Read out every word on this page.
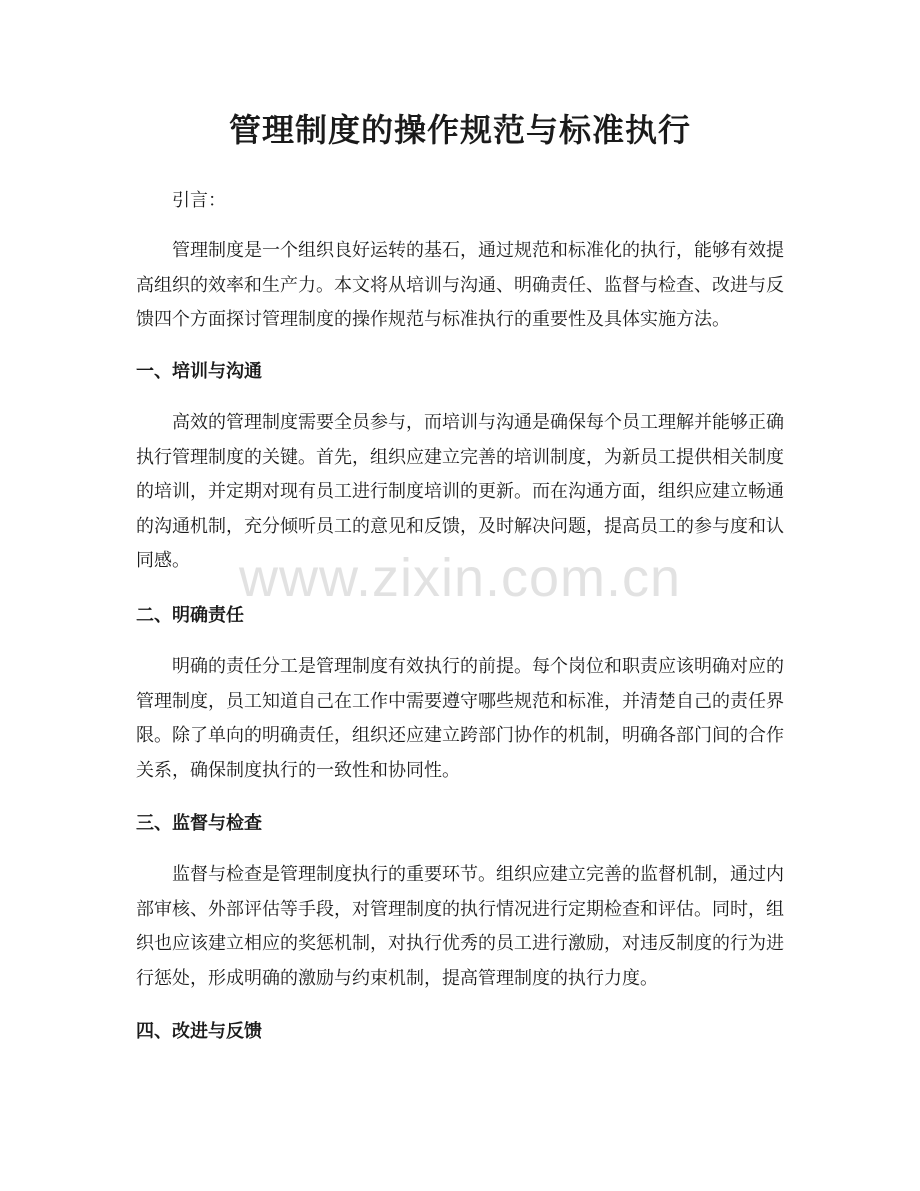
管理制度的操作规范与标准执行

引言：

管理制度是一个组织良好运转的基石，通过规范和标准化的执行，能够有效提高组织的效率和生产力。本文将从培训与沟通、明确责任、监督与检查、改进与反馈四个方面探讨管理制度的操作规范与标准执行的重要性及具体实施方法。

一、培训与沟通

高效的管理制度需要全员参与，而培训与沟通是确保每个员工理解并能够正确执行管理制度的关键。首先，组织应建立完善的培训制度，为新员工提供相关制度的培训，并定期对现有员工进行制度培训的更新。而在沟通方面，组织应建立畅通的沟通机制，充分倾听员工的意见和反馈，及时解决问题，提高员工的参与度和认同感。

二、明确责任

明确的责任分工是管理制度有效执行的前提。每个岗位和职责应该明确对应的管理制度，员工知道自己在工作中需要遵守哪些规范和标准，并清楚自己的责任界限。除了单向的明确责任，组织还应建立跨部门协作的机制，明确各部门间的合作关系，确保制度执行的一致性和协同性。

三、监督与检查

监督与检查是管理制度执行的重要环节。组织应建立完善的监督机制，通过内部审核、外部评估等手段，对管理制度的执行情况进行定期检查和评估。同时，组织也应该建立相应的奖惩机制，对执行优秀的员工进行激励，对违反制度的行为进行惩处，形成明确的激励与约束机制，提高管理制度的执行力度。

四、改进与反馈
www.zixin.com.cn
